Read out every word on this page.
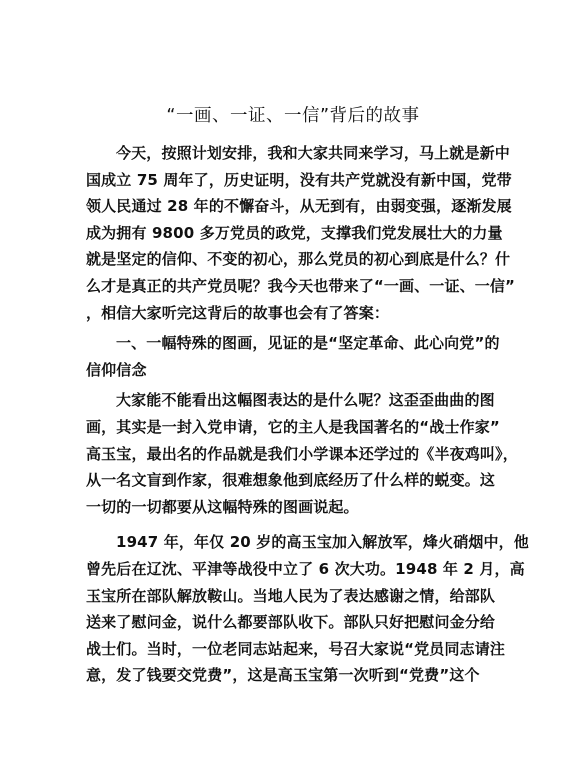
“一画、一证、一信”背后的故事
今天，按照计划安排，我和大家共同来学习，马上就是新中
国成立 75 周年了，历史证明，没有共产党就没有新中国，党带
领人民通过 28 年的不懈奋斗，从无到有，由弱变强，逐渐发展
成为拥有 9800 多万党员的政党，支撑我们党发展壮大的力量
就是坚定的信仰、不变的初心，那么党员的初心到底是什么？什
么才是真正的共产党员呢？我今天也带来了“一画、一证、一信”
，相信大家听完这背后的故事也会有了答案：
一、一幅特殊的图画，见证的是“坚定革命、此心向党”的
信仰信念
大家能不能看出这幅图表达的是什么呢？这歪歪曲曲的图
画，其实是一封入党申请，它的主人是我国著名的“战士作家”
高玉宝，最出名的作品就是我们小学课本还学过的《半夜鸡叫》，
从一名文盲到作家，很难想象他到底经历了什么样的蜕变。这
一切的一切都要从这幅特殊的图画说起。
1947 年，年仅 20 岁的高玉宝加入解放军，烽火硝烟中，他
曾先后在辽沈、平津等战役中立了 6 次大功。1948 年 2 月，高
玉宝所在部队解放鞍山。当地人民为了表达感谢之情，给部队
送来了慰问金，说什么都要部队收下。部队只好把慰问金分给
战士们。当时，一位老同志站起来，号召大家说“党员同志请注
意，发了钱要交党费”，这是高玉宝第一次听到“党费”这个
